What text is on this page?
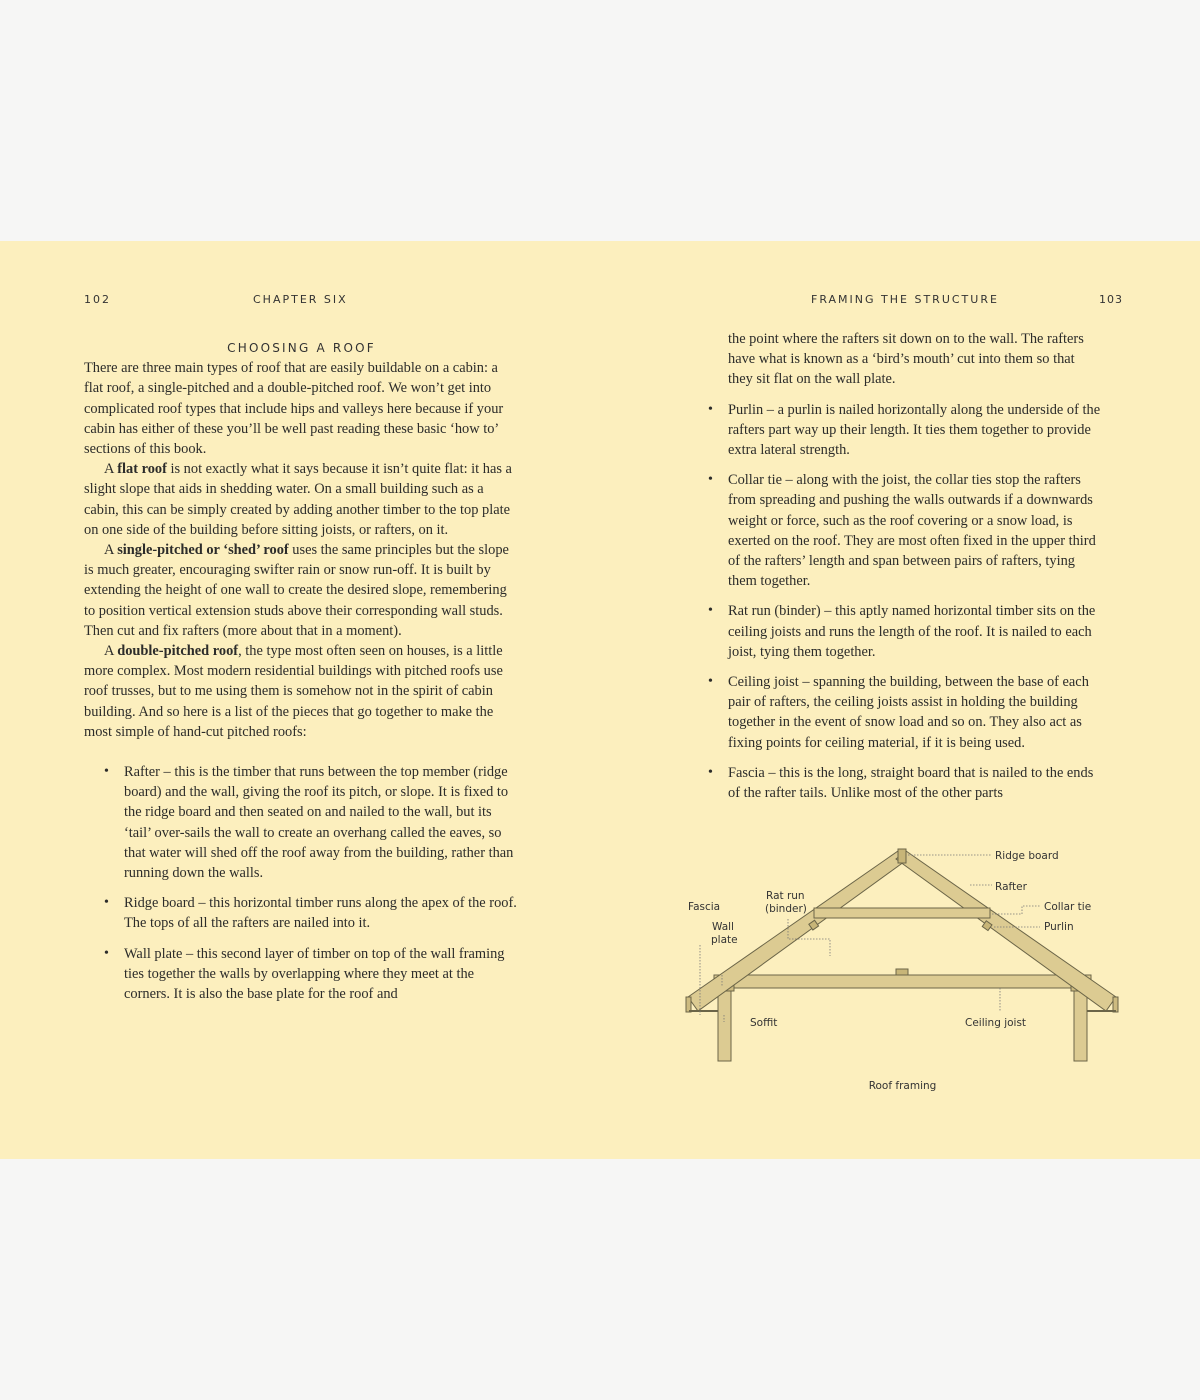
102	CHAPTER SIX

CHOOSING A ROOF

There are three main types of roof that are easily buildable on a cabin: a flat roof, a single-pitched and a double-pitched roof. We won’t get into complicated roof types that include hips and valleys here because if your cabin has either of these you’ll be well past reading these basic ‘how to’ sections of this book.

A flat roof is not exactly what it says because it isn’t quite flat: it has a slight slope that aids in shedding water. On a small building such as a cabin, this can be simply created by adding another timber to the top plate on one side of the building before sitting joists, or rafters, on it.

A single-pitched or ‘shed’ roof uses the same principles but the slope is much greater, encouraging swifter rain or snow run-off. It is built by extending the height of one wall to create the desired slope, remembering to position vertical extension studs above their corresponding wall studs. Then cut and fix rafters (more about that in a moment).

A double-pitched roof, the type most often seen on houses, is a little more complex. Most modern residential buildings with pitched roofs use roof trusses, but to me using them is somehow not in the spirit of cabin building. And so here is a list of the pieces that go together to make the most simple of hand-cut pitched roofs:

• Rafter – this is the timber that runs between the top member (ridge board) and the wall, giving the roof its pitch, or slope. It is fixed to the ridge board and then seated on and nailed to the wall, but its ‘tail’ over-sails the wall to create an overhang called the eaves, so that water will shed off the roof away from the building, rather than running down the walls.
• Ridge board – this horizontal timber runs along the apex of the roof. The tops of all the rafters are nailed into it.
• Wall plate – this second layer of timber on top of the wall framing ties together the walls by overlapping where they meet at the corners. It is also the base plate for the roof and

FRAMING THE STRUCTURE	103

the point where the rafters sit down on to the wall. The rafters have what is known as a ‘bird’s mouth’ cut into them so that they sit flat on the wall plate.

• Purlin – a purlin is nailed horizontally along the underside of the rafters part way up their length. It ties them together to provide extra lateral strength.
• Collar tie – along with the joist, the collar ties stop the rafters from spreading and pushing the walls outwards if a downwards weight or force, such as the roof covering or a snow load, is exerted on the roof. They are most often fixed in the upper third of the rafters’ length and span between pairs of rafters, tying them together.
• Rat run (binder) – this aptly named horizontal timber sits on the ceiling joists and runs the length of the roof. It is nailed to each joist, tying them together.
• Ceiling joist – spanning the building, between the base of each pair of rafters, the ceiling joists assist in holding the building together in the event of snow load and so on. They also act as fixing points for ceiling material, if it is being used.
• Fascia – this is the long, straight board that is nailed to the ends of the rafter tails. Unlike most of the other parts
Rat run
(binder)
Ridge board
Rafter
Collar tie
Purlin
Fascia
Wall
plate
Soffit	Ceiling joist

Roof framing
